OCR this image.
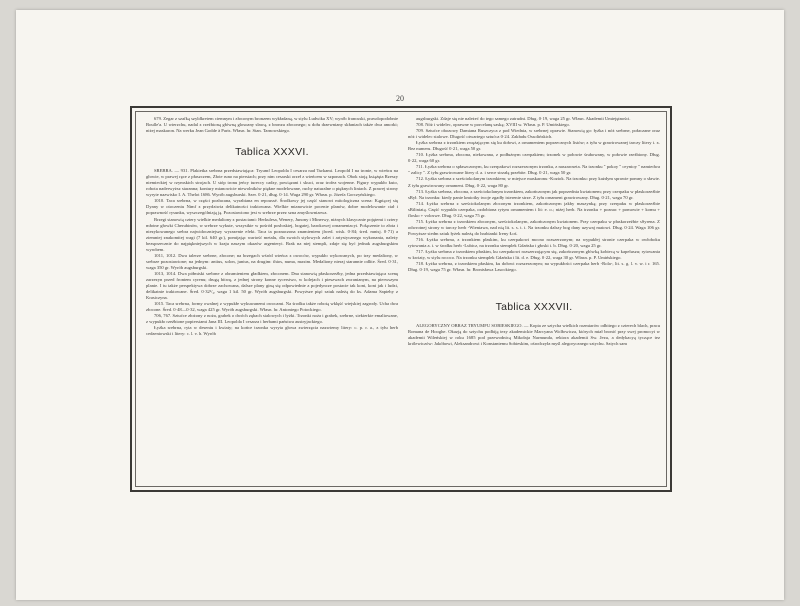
20

679. Zegar z szafką szyldkretem ciemnym i złoconym bronzem wykładaną, w stylu Ludwika XV; wyrób francuski, prawdopodobnie Boulle'a. U wierzchu, nadal z rzeźbioną główną glosoany sławą, z bronzu złoconego; u dołu draewniany skłaniach także dwa amorki; niżej maskaron. Na werku Jean Godde à Paris. Własn. hr. Stan. Tarnowskiego.

Tablica XXXVI.

SREBRA. — 931. Plakietka srebrna przedstawiająca: Tryumf Leopolda I cesarza nad Turkami. Leopold I na tronie, w wieńcu na głowie, w prawej ręce z płaszczem, Złote runo na piersiach; przy nim cesarski orzeł z wieńcem w szponach. Obok stoją książęta Rzeszy niemieckiej w rzymskich strojach. U stóp tronu jeńcy tureccy cadzy, powiązani i skuci, oraz trofea wojenne. Figury wypukło kuto, robota naderwyższ staranna; kontury mianowicie niewolników piękne modelowane, ruchy naturalne o pięknych liniach. Z prawej strony wyryte nazwisko I. A. Thelot 1686. Wyrób augsburski. Szer. 0·21, dług. 0·14. Waga 290 gr. Własn. p. Józefa Gorczyńskiego.

1010. Taca srebrna, w części pozłacana, wyrabiana en repoussé. Środkowy jej część stanowi mitologiczna scena: Kąpiącej się Dyany w otoczeniu Nimf z przydziwia delikatności traktowana. Wielkie mianowicie pocenie planów, dobre modelowanie ciał i poprawność rysunku, wyszczególniają ją. Pozostawiono jest w srebrze przez szna zmyślowniarwa.

Brzegi stanowią cztery wielkie medaliony z postaciami: Herkulesa, Wenery, Junony i Minerwy, niżnych klasycznie pojętemi i cztery młotne głowki Cherubinów, w srebrze wykute, wszystkie w pośród posłoskiej, bogatej, barokowej ornamentacyi. Połączenie to złota i niezykowanego srebra najwidoczniejszy wyrazenie efekt. Taca ta poznaczona znamieniem jlwed. wisk. 0·84; śred. mnisj. 0·71) a ziemniej znakomitej wagi (7 kil. 640 gr.), pomijając wartość metalu, dla swoich stylowych zalet i artystycznego wykonania, należy bezsprzecznie do najpiękniejszych w kraju naszym okazów argenteryi. Brak na niej stempli, zdaje się być jednak augsburgskim wyrobem.

1011, 1012. Dwa talerze srebrne, złocone; na brzegach wśród wieńca z owoców, wypukło wykowanych, po trzy medaliony, w srebrze pozostawione; na jednym: antius, solon, junius, na drugim: thios, numa, maxim. Medaliony nieraj starannie odlite. Śred. 0·31, waga 350 gr. Wyrób augsburgski.

1013, 1014. Dwa półmiski srebrne z obramieniem gładkiem, złoconem. Dna stanowią płaskorzeźby, jedna przedstawiająca scenę zarzezyn przed frontem cyrenu; drugą bitwę, z jednej strony konne rycerstwo, w kolejach i pieszwach zwranianym, na pierwszym planie. I tu także perspektywa dobrze zachowana, dalsze plany giną się odpowiednie a pojedyncze postacie tak koni, koni jak i ludzi, delikatnie traktowane. Śred. 0·32¹/₂, waga 1 kil. 50 gr. Wyrób augsburgski. Powyższe pięć sztuk należą do ks. Adama Sapiehy z Krasiczyna.

1015. Taca srebrna, formy owalnej z wypukłe wykuwanemi owocami. Na środku także robotą wklęść wiejskiej zagrody. Ucha dwa złocone. Śred. 0·48—0·32, waga 425 gr. Wyrób augsburgski. Własn. hr. Antoniego Potockiego.

706, 767. Sztućce złożony z noża, grabek o dwóch zębach stalowych i łyżki. Trzonki noża i grabek, srebrne, siekierkie emaliowane, z wypukło rzeźbione popiersiami Jana III. Leopolda I cesarza i herbami państwa austryjackiego.

Łyżka srebrna, ryta w deseniu i kwiaty; na końce trzonka wyryta głowa zwierzęcia nazwiemy litery: c. p. r. a., z tyłu herb cedzeniowski i litery: c. l. v. h. Wyrób

augsburgski. Zdaje się nie należeć do tego samego zatrudni. Dług. 0·19, waga 25 gr. Własn. Akademii Umiejętności.

708. Nóż i widelec, oprawne w porcelanę saską; XVIII w. Własn. p. P. Umińskiego.

709. Sztućce obozowy Damiana Ruszczyca z pod Wiednia, w srebrnej oprawie. Stanowią go: łyżka i nóż srebrne, połaczane oraz nóż i widelec stalowe. Dlugość otwartego sztućca 0·24. Zakładu Ossolińskich.

Łyżka srebrna z trzonkiem zwężającym się ku dołowi, z ornamentem poprzecznych listów; z tyłu w grawirowanej tarczy litery i. x. Bez numeru. Długość 0·21, waga 50 gr.

710. Łyżka srebrna, złocona, niekowana, z podłużnym czerpakiem; trzonek w połowie śrubowany, w połowie rzeźbiony. Dług. 0·22, waga 60 gr.

711. Łyżka srebrna o spłaszczonym, ku czerpakowi rozszerzonym trzonku, z naszaroseta. Na trzonku " pokoy " ceynioy " namiedwa " zalicy ". Z tyłu grawirowane litery d. a. i serce strzałą przebite. Dług. 0·21, waga 50 gr.

712. Łyżka srebrna z sześciokolanym trzonkiem; w miejsce maskaronu -Koziok. Na trzonku: przy każdym sprawie pomny o sławie. Z tyłu grawirowany ornament. Dług. 0·22, waga 80 gr.

713. Łyżka srebrna, złocona, z sześciokolanym trzonkiem, zakończonym jak poprzednia kwiatonem; przy czerpaku w płaskorzeźbie sBył. Na trzonku: kiedy panie kmiotky twoje zgadły isterenie strze. Z tyłu ornament grawirowany. Dług. 0·21, waga 70 gr.

714. Łyżka srebrna z sześciokolanym złoconym trzonkiem, zakończonym jakby maszynką; przy czerpaku w płaskorzeźbie sBiliniatą. Część wypukła czerpaka, ozdobiona rytym ornamentem i lit: e. o.; niżej herb. Na trzonku + poznac + pomowie + komu + flosko + voloswe. Dług. 0·22, waga 75 gr.

715. Łyżka srebrna z trzonkiem złoconym, sześciokolanym, zakończonym kwiatonem. Przy czerpaku w płaskorzeźbie sSyrena. Z odwrotnej strony w tarczy herb -Wieniawa, nad nią lit. s. s. t. i. Na trzonku dalszy bog dany uzywaj maiowi. Dług. 0·24. Waga 106 gr. Powyższe siedm sztuk łyżek należą do hrabianki Ireny Łoś.

716. Łyżka srebrna, z trzonkiem płaskim, ku czerpakowi mocno rozszerzonym; na wypukłej stronie czerpaka w owłoboku rytowania a. i. w środku herb -Lubicz, na trzonku stemplek Gdańska i głoski i. b. Dług. 0·20, waga 25 gr.

717. Łyżka srebrna z trzonkiem płaskim, ku czerpakowi rozszerzającym się, zakończonym główką kobiecą w kapeluszu; rytowania w kwiaty, w stylu rococo. Na trzonku stemplek Gdańska i lit. d. e. Dług. 0·22, waga 30 gr. Własn. p. P. Umińskiego.

718. Łyżka srebrna, z trzonkiem płaskim, ku dołowi rozszerzonym; na wypukłości czerpaka herb -Rola-, lit. s. g. l. v. w. i r. 165. Dług. 0·19, waga 75 gr. Własn. hr. Bronisława Lasockiego.

Tablica XXXVII.

ALEGORYCZNY OBRAZ TRYUMFU SOBIESKIEGO. — Kopia ze sztycha wielkich rozmiarów odbitego z czterech blach, pracu Romana de Hooghe. Okazją do sztychu podbiją tezy akademickie Marcyana Wolłowicza, których miał bronić przy swej promocyi w akademii Wileńskiej w roku 1685 pod przewodnicą Mikołaja Narmunda, rektora akademii Sw. Jezu, a dedykacyą tyczące tez królewiczów: Jakóbowi, Aleksandrowi i Konstantemu Sobieskim, ośrodczyła myśl alegorycznego sztychu. Sztych sam
